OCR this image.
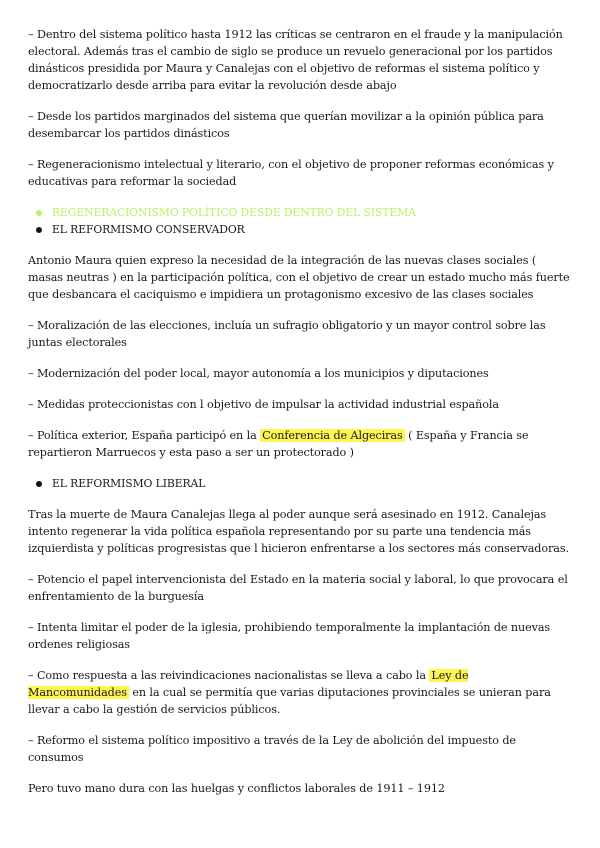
– Dentro del sistema político hasta 1912 las críticas se centraron en el fraude y la manipulación electoral. Además tras el cambio de siglo se produce un revuelo generacional por los partidos dinásticos presidida por Maura y Canalejas con el objetivo de reformas el sistema político y democratizarlo desde arriba para evitar la revolución desde abajo

– Desde los partidos marginados del sistema que querían movilizar a la opinión pública para desembarcar los partidos dinásticos

– Regeneracionismo intelectual y literario, con el objetivo de proponer reformas económicas y educativas para reformar la sociedad

REGENERACIONISMO POLÍTICO DESDE DENTRO DEL SISTEMA
EL REFORMISMO CONSERVADOR

Antonio Maura quien expreso la necesidad de la integración de las nuevas clases sociales ( masas neutras ) en la participación política, con el objetivo de crear un estado mucho más fuerte que desbancara el caciquismo e impidiera un protagonismo excesivo de las clases sociales

– Moralización de las elecciones, incluía un sufragio obligatorio y un mayor control sobre las juntas electorales

– Modernización del poder local, mayor autonomía a los municipios y diputaciones

– Medidas proteccionistas con l objetivo de impulsar la actividad industrial española

– Política exterior, España participó en la Conferencia de Algeciras ( España y Francia se repartieron Marruecos y esta paso a ser un protectorado )

EL REFORMISMO LIBERAL

Tras la muerte de Maura Canalejas llega al poder aunque será asesinado en 1912. Canalejas intento regenerar la vida política española representando por su parte una tendencia más izquierdista y políticas progresistas que l hicieron enfrentarse a los sectores más conservadoras.

– Potencio el papel intervencionista del Estado en la materia social y laboral, lo que provocara el enfrentamiento de la burguesía

– Intenta limitar el poder de la iglesia, prohibiendo temporalmente la implantación de nuevas ordenes religiosas

– Como respuesta a las reivindicaciones nacionalistas se lleva a cabo la Ley de Mancomunidades en la cual se permitía que varias diputaciones provinciales se unieran para llevar a cabo la gestión de servicios públicos.

– Reformo el sistema político impositivo a través de la Ley de abolición del impuesto de consumos

Pero tuvo mano dura con las huelgas y conflictos laborales de 1911 – 1912
